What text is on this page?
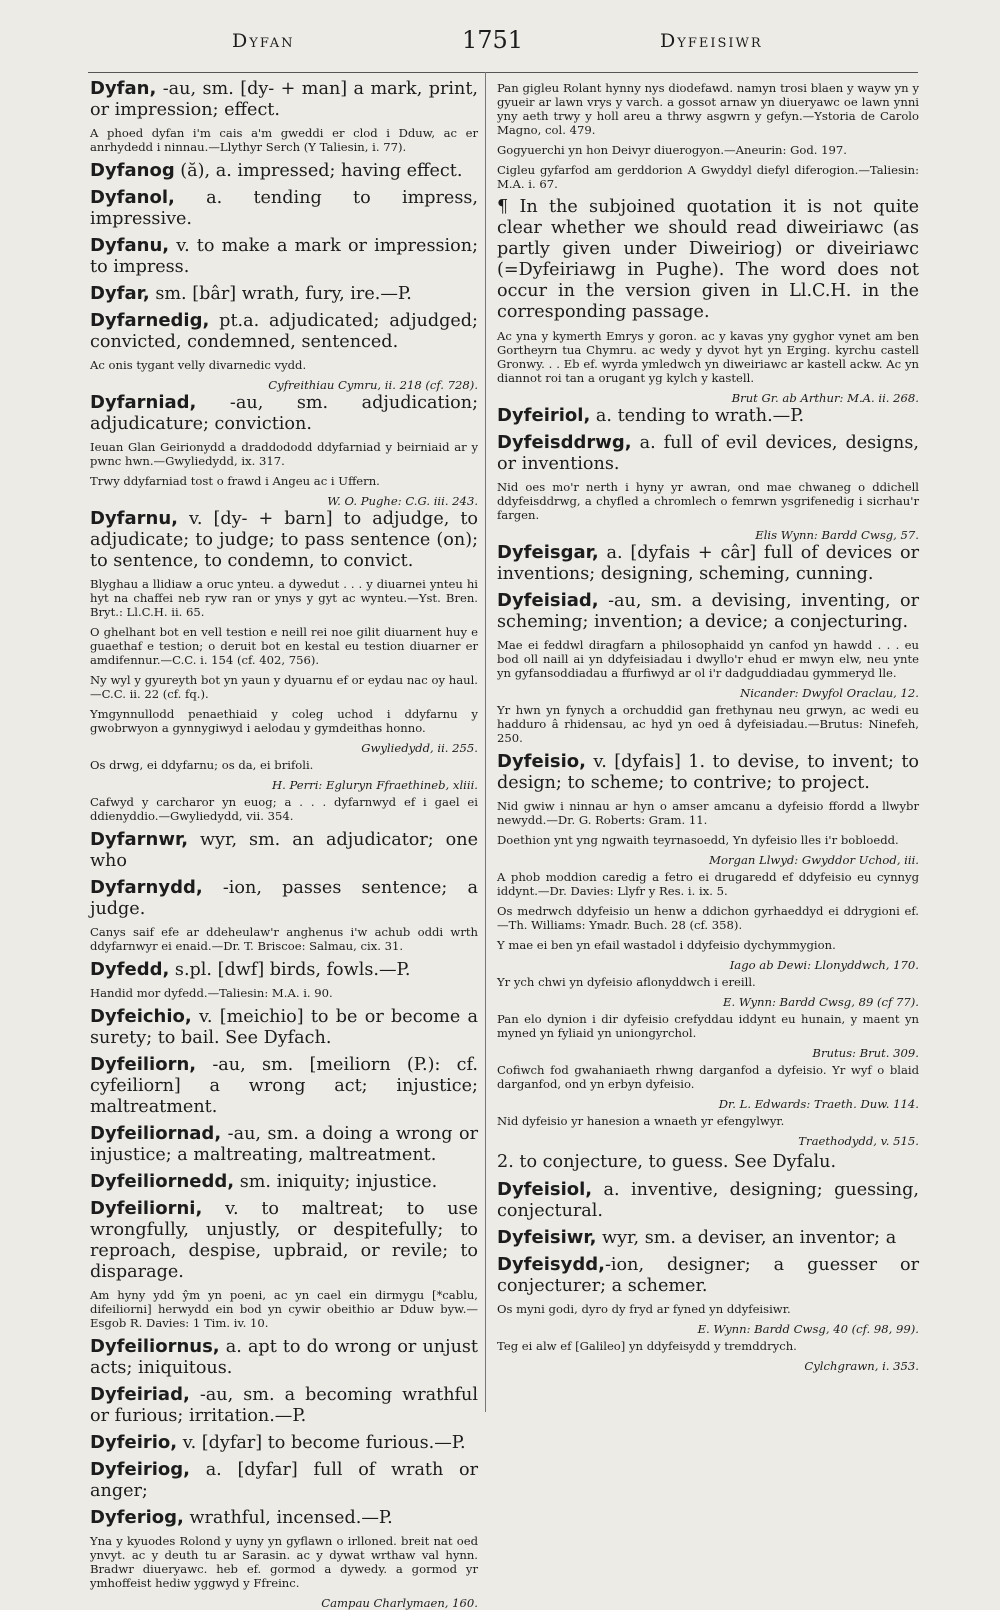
Dyfan	1751	Dyfeisiwr
Dyfan, -au, sm. [dy- + man] a mark, print, or impression; effect.
A phoed dyfan i'm cais a'm gweddi er clod i Dduw, ac er anrhydedd i ninnau.—Llythyr Serch (Y Taliesin, i. 77).
Dyfanog (ă), a. impressed; having effect.
Dyfanol, a. tending to impress, impressive.
Dyfanu, v. to make a mark or impression; to impress.
Dyfar, sm. [bâr] wrath, fury, ire.—P.
Dyfarnedig, pt.a. adjudicated; adjudged; convicted, condemned, sentenced.
Ac onis tygant velly divarnedic vydd.
Cyfreithiau Cymru, ii. 218 (cf. 728).
Dyfarniad, -au, sm. adjudication; adjudicature; conviction.
Ieuan Glan Geirionydd a draddododd ddyfarniad y beirniaid ar y pwnc hwn.—Gwyliedydd, ix. 317.
Trwy ddyfarniad tost o frawd i Angeu ac i Uffern.
W. O. Pughe: C.G. iii. 243.
Dyfarnu, v. [dy- + barn] to adjudge, to adjudicate; to judge; to pass sentence (on); to sentence, to condemn, to convict.
Blyghau a llidiaw a oruc ynteu. a dywedut . . . y diuarnei ynteu hi hyt na chaffei neb ryw ran or ynys y gyt ac wynteu.—Yst. Bren. Bryt.: Ll.C.H. ii. 65.
O ghelhant bot en vell testion e neill rei noe gilit diuarnent huy e guaethaf e testion; o deruit bot en kestal eu testion diuarner er amdifennur.—C.C. i. 154 (cf. 402, 756).
Ny wyl y gyureyth bot yn yaun y dyuarnu ef or eydau nac oy haul.—C.C. ii. 22 (cf. fq.).
Ymgynnullodd penaethiaid y coleg uchod i ddyfarnu y gwobrwyon a gynnygiwyd i aelodau y gymdeithas honno.
Gwyliedydd, ii. 255.
Os drwg, ei ddyfarnu; os da, ei brifoli.
H. Perri: Egluryn Ffraethineb, xliii.
Cafwyd y carcharor yn euog; a . . . dyfarnwyd ef i gael ei ddienyddio.—Gwyliedydd, vii. 354.
Dyfarnwr, wyr, sm. an adjudicator; one who
Dyfarnydd, -ion, passes sentence; a judge.
Canys saif efe ar ddeheulaw'r anghenus i'w achub oddi wrth ddyfarnwyr ei enaid.—Dr. T. Briscoe: Salmau, cix. 31.
Dyfedd, s.pl. [dwf] birds, fowls.—P.
Handid mor dyfedd.—Taliesin: M.A. i. 90.
Dyfeichio, v. [meichio] to be or become a surety; to bail. See Dyfach.
Dyfeiliorn, -au, sm. [meiliorn (P.): cf. cyfeiliorn] a wrong act; injustice; maltreatment.
Dyfeiliornad, -au, sm. a doing a wrong or injustice; a maltreating, maltreatment.
Dyfeiliornedd, sm. iniquity; injustice.
Dyfeiliorni, v. to maltreat; to use wrongfully, unjustly, or despitefully; to reproach, despise, upbraid, or revile; to disparage.
Am hyny ydd ŷm yn poeni, ac yn cael ein dirmygu [*cablu, difeiliorni] herwydd ein bod yn cywir obeithio ar Dduw byw.—Esgob R. Davies: 1 Tim. iv. 10.
Dyfeiliornus, a. apt to do wrong or unjust acts; iniquitous.
Dyfeiriad, -au, sm. a becoming wrathful or furious; irritation.—P.
Dyfeirio, v. [dyfar] to become furious.—P.
Dyfeiriog, a. [dyfar] full of wrath or anger;
Dyferiog, wrathful, incensed.—P.
Yna y kyuodes Rolond y uyny yn gyflawn o irlloned. breit nat oed ynvyt. ac y deuth tu ar Sarasin. ac y dywat wrthaw val hynn. Bradwr diueryawc. heb ef. gormod a dywedy. a gormod yr ymhoffeist hediw yggwyd y Ffreinc.
Campau Charlymaen, 160.
Pan gigleu Rolant hynny nys diodefawd. namyn trosi blaen y wayw yn y gyueir ar lawn vrys y varch. a gossot arnaw yn diueryawc oe lawn ynni yny aeth trwy y holl areu a thrwy asgwrn y gefyn.—Ystoria de Carolo Magno, col. 479.
Gogyuerchi yn hon Deivyr diuerogyon.—Aneurin: God. 197.
Cigleu gyfarfod am gerddorion A Gwyddyl diefyl diferogion.—Taliesin: M.A. i. 67.
¶ In the subjoined quotation it is not quite clear whether we should read diweiriawc (as partly given under Diweiriog) or diveiriawc (=Dyfeiriawg in Pughe). The word does not occur in the version given in Ll.C.H. in the corresponding passage.
Ac yna y kymerth Emrys y goron. ac y kavas yny gyghor vynet am ben Gortheyrn tua Chymru. ac wedy y dyvot hyt yn Erging. kyrchu castell Gronwy. . . Eb ef. wyrda ymledwch yn diweiriawc ar kastell ackw. Ac yn diannot roi tan a orugant yg kylch y kastell.
Brut Gr. ab Arthur: M.A. ii. 268.
Dyfeiriol, a. tending to wrath.—P.
Dyfeisddrwg, a. full of evil devices, designs, or inventions.
Nid oes mo'r nerth i hyny yr awran, ond mae chwaneg o ddichell ddyfeisddrwg, a chyfled a chromlech o femrwn ysgrifenedig i sicrhau'r fargen.
Elis Wynn: Bardd Cwsg, 57.
Dyfeisgar, a. [dyfais + câr] full of devices or inventions; designing, scheming, cunning.
Dyfeisiad, -au, sm. a devising, inventing, or scheming; invention; a device; a conjecturing.
Mae ei feddwl diragfarn a philosophaidd yn canfod yn hawdd . . . eu bod oll naill ai yn ddyfeisiadau i dwyllo'r ehud er mwyn elw, neu ynte yn gyfansoddiadau a ffurfiwyd ar ol i'r dadguddiadau gymmeryd lle.
Nicander: Dwyfol Oraclau, 12.
Yr hwn yn fynych a orchuddid gan frethynau neu grwyn, ac wedi eu hadduro â rhidensau, ac hyd yn oed â dyfeisiadau.—Brutus: Ninefeh, 250.
Dyfeisio, v. [dyfais] 1. to devise, to invent; to design; to scheme; to contrive; to project.
Nid gwiw i ninnau ar hyn o amser amcanu a dyfeisio ffordd a llwybr newydd.—Dr. G. Roberts: Gram. 11.
Doethion ynt yng ngwaith teyrnasoedd, Yn dyfeisio lles i'r bobloedd.
Morgan Llwyd: Gwyddor Uchod, iii.
A phob moddion caredig a fetro ei drugaredd ef ddyfeisio eu cynnyg iddynt.—Dr. Davies: Llyfr y Res. i. ix. 5.
Os medrwch ddyfeisio un henw a ddichon gyrhaeddyd ei ddrygioni ef.—Th. Williams: Ymadr. Buch. 28 (cf. 358).
Y mae ei ben yn efail wastadol i ddyfeisio dychymmygion.
Iago ab Dewi: Llonyddwch, 170.
Yr ych chwi yn dyfeisio aflonyddwch i ereill.
E. Wynn: Bardd Cwsg, 89 (cf 77).
Pan elo dynion i dir dyfeisio crefyddau iddynt eu hunain, y maent yn myned yn fyliaid yn uniongyrchol.
Brutus: Brut. 309.
Cofiwch fod gwahaniaeth rhwng darganfod a dyfeisio. Yr wyf o blaid darganfod, ond yn erbyn dyfeisio.
Dr. L. Edwards: Traeth. Duw. 114.
Nid dyfeisio yr hanesion a wnaeth yr efengylwyr.
Traethodydd, v. 515.
2. to conjecture, to guess. See Dyfalu.
Dyfeisiol, a. inventive, designing; guessing, conjectural.
Dyfeisiwr, wyr, sm. a deviser, an inventor; a
Dyfeisydd,-ion, designer; a guesser or conjecturer; a schemer.
Os myni godi, dyro dy fryd ar fyned yn ddyfeisiwr.
E. Wynn: Bardd Cwsg, 40 (cf. 98, 99).
Teg ei alw ef [Galileo] yn ddyfeisydd y tremddrych.
Cylchgrawn, i. 353.
